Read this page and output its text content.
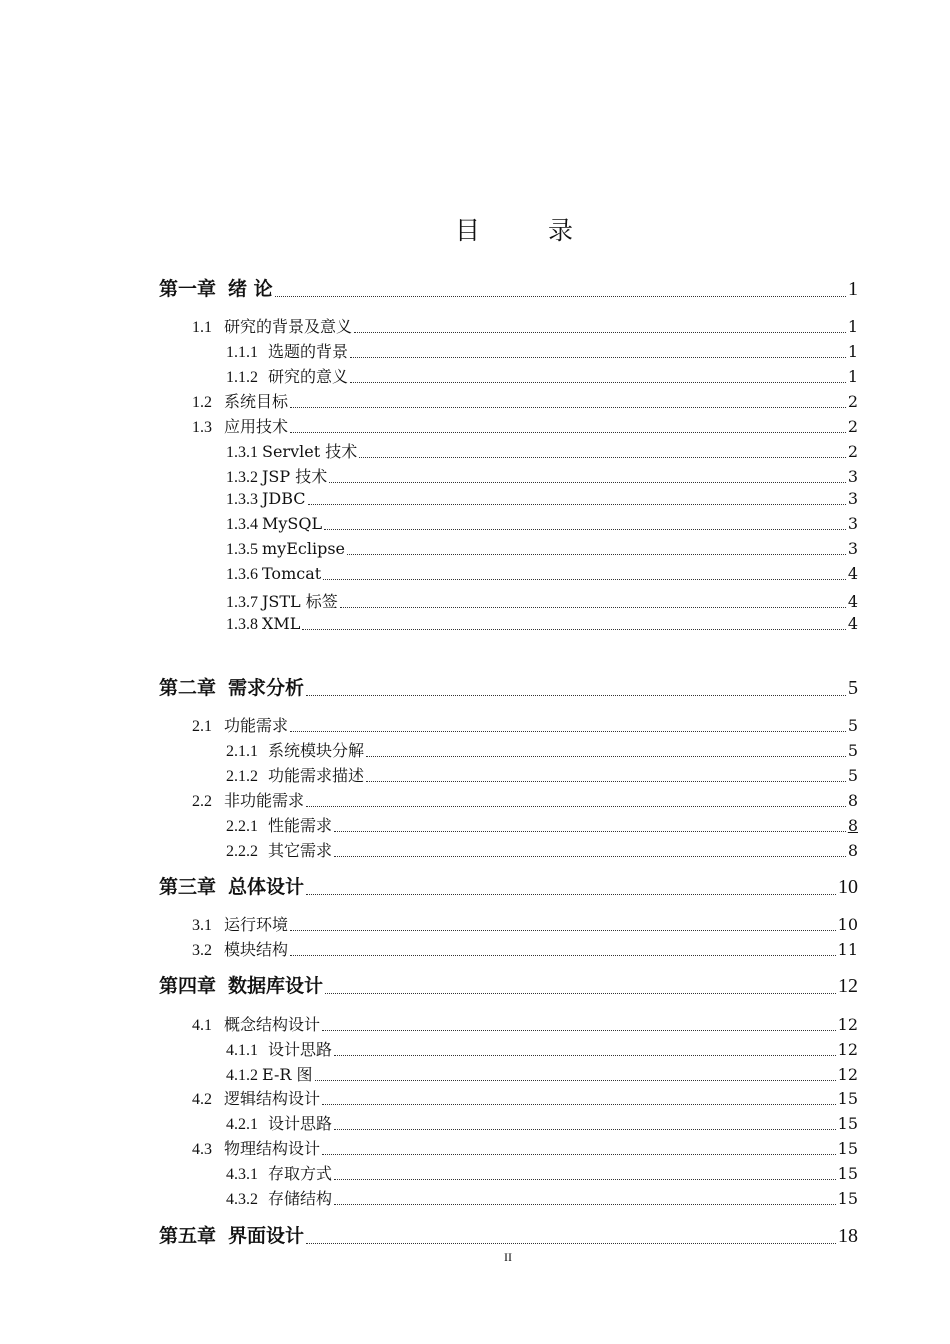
目 录
第一章 绪 论	1
1.1 研究的背景及意义	1
1.1.1 选题的背景	1
1.1.2 研究的意义	1
1.2 系统目标	2
1.3 应用技术	2
1.3.1 Servlet 技术	2
1.3.2 JSP 技术	3
1.3.3 JDBC	3
1.3.4 MySQL	3
1.3.5 myEclipse	3
1.3.6 Tomcat	4
1.3.7 JSTL 标签	4
1.3.8 XML	4
第二章 需求分析	5
2.1 功能需求	5
2.1.1 系统模块分解	5
2.1.2 功能需求描述	5
2.2 非功能需求	8
2.2.1 性能需求	8
2.2.2 其它需求	8
第三章 总体设计	10
3.1 运行环境	10
3.2 模块结构	11
第四章 数据库设计	12
4.1 概念结构设计	12
4.1.1 设计思路	12
4.1.2 E-R 图	12
4.2 逻辑结构设计	15
4.2.1 设计思路	15
4.3 物理结构设计	15
4.3.1 存取方式	15
4.3.2 存储结构	15
第五章 界面设计	18
II
